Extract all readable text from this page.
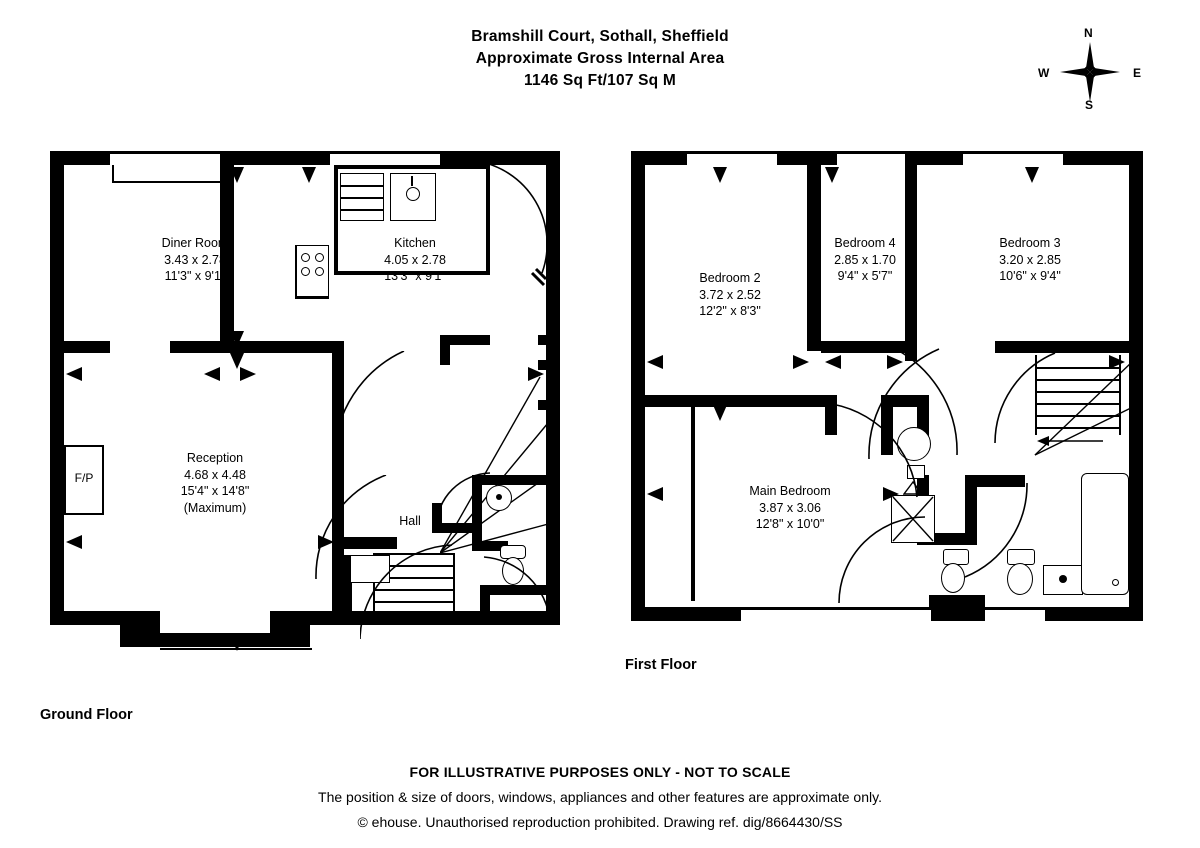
Bramshill Court, Sothall, Sheffield
Approximate Gross Internal Area
1146 Sq Ft/107 Sq M
N
S
W	E
Diner Room
3.43 x 2.78
11'3" x 9'1"
Kitchen
4.05 x 2.78
13'3" x 9'1"
Reception
4.68 x 4.48
15'4" x 14'8"
(Maximum)
Hall
F/P
Ground Floor
Bedroom 2
3.72 x 2.52
12'2" x 8'3"
Bedroom 4
2.85 x 1.70
9'4" x 5'7"
Bedroom 3
3.20 x 2.85
10'6" x 9'4"
Main Bedroom
3.87 x 3.06
12'8" x 10'0"
First Floor
FOR ILLUSTRATIVE PURPOSES ONLY - NOT TO SCALE
The position & size of doors, windows, appliances and other features are approximate only.
© ehouse. Unauthorised reproduction prohibited. Drawing ref. dig/8664430/SS
